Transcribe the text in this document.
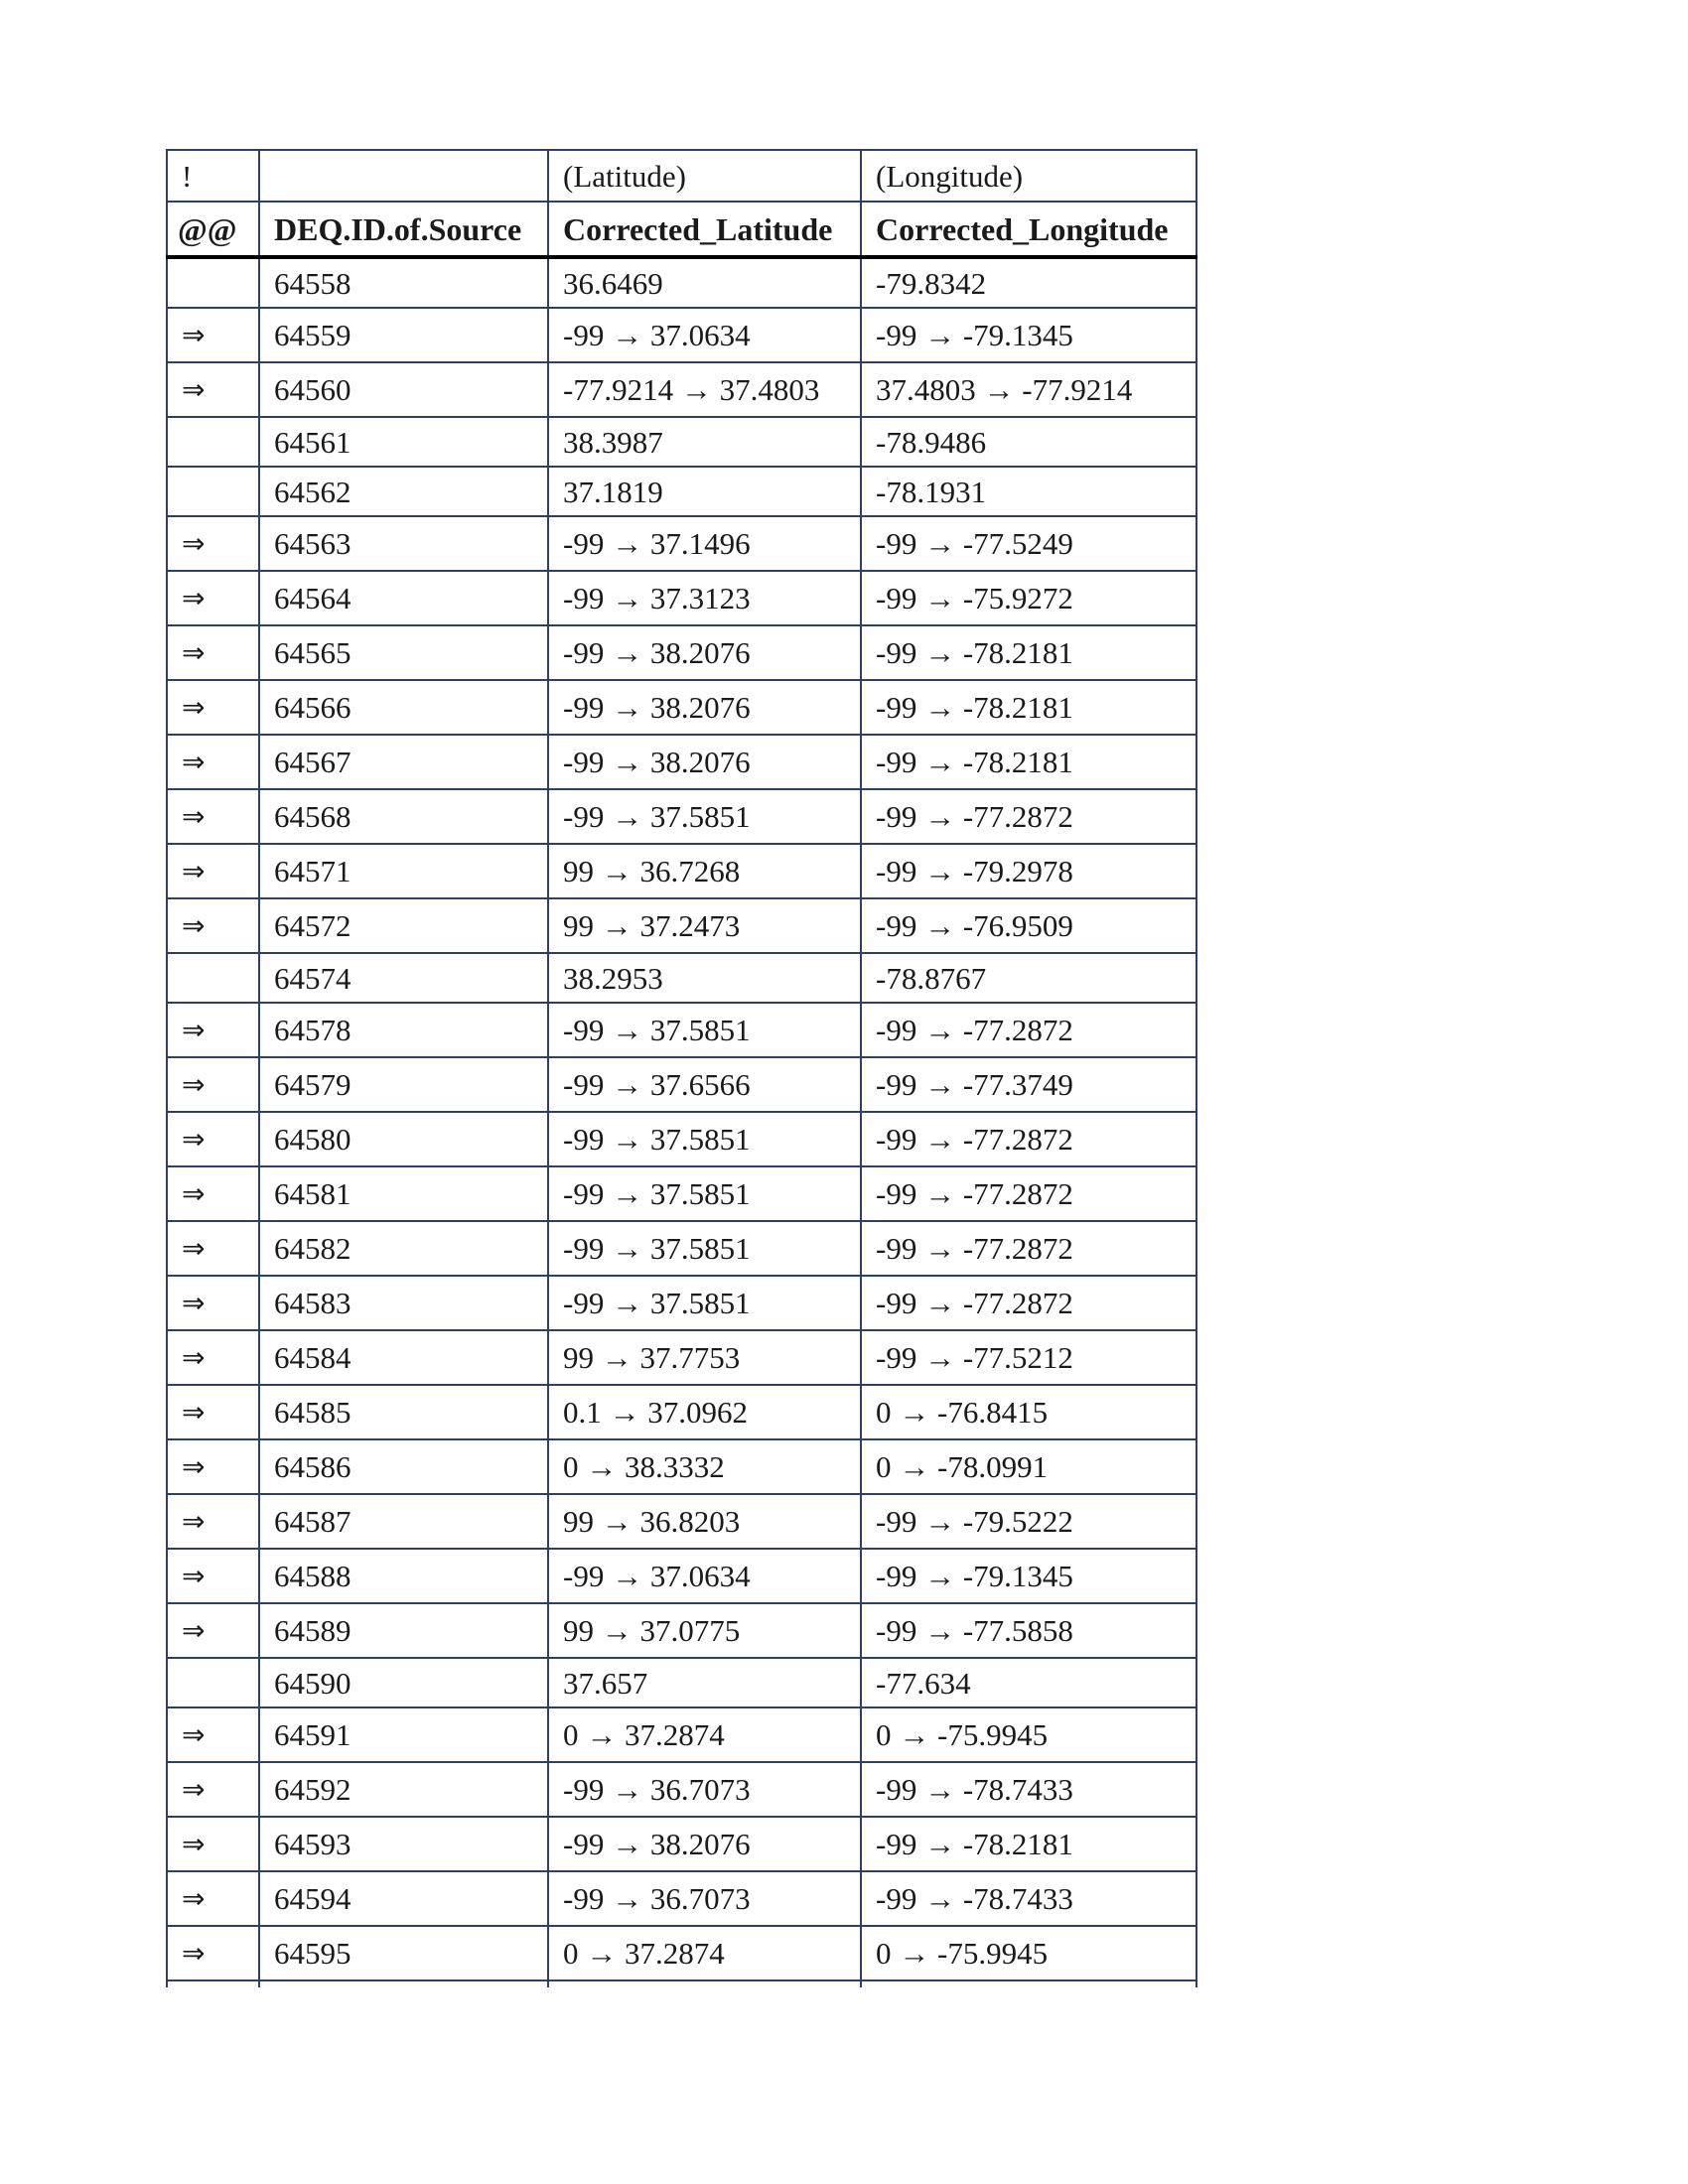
!		(Latitude)	(Longitude)
@@	DEQ.ID.of.Source	Corrected_Latitude	Corrected_Longitude
	64558	36.6469	-79.8342
⇒	64559	-99 → 37.0634	-99 → -79.1345
⇒	64560	-77.9214 → 37.4803	37.4803 → -77.9214
	64561	38.3987	-78.9486
	64562	37.1819	-78.1931
⇒	64563	-99 → 37.1496	-99 → -77.5249
⇒	64564	-99 → 37.3123	-99 → -75.9272
⇒	64565	-99 → 38.2076	-99 → -78.2181
⇒	64566	-99 → 38.2076	-99 → -78.2181
⇒	64567	-99 → 38.2076	-99 → -78.2181
⇒	64568	-99 → 37.5851	-99 → -77.2872
⇒	64571	99 → 36.7268	-99 → -79.2978
⇒	64572	99 → 37.2473	-99 → -76.9509
	64574	38.2953	-78.8767
⇒	64578	-99 → 37.5851	-99 → -77.2872
⇒	64579	-99 → 37.6566	-99 → -77.3749
⇒	64580	-99 → 37.5851	-99 → -77.2872
⇒	64581	-99 → 37.5851	-99 → -77.2872
⇒	64582	-99 → 37.5851	-99 → -77.2872
⇒	64583	-99 → 37.5851	-99 → -77.2872
⇒	64584	99 → 37.7753	-99 → -77.5212
⇒	64585	0.1 → 37.0962	0 → -76.8415
⇒	64586	0 → 38.3332	0 → -78.0991
⇒	64587	99 → 36.8203	-99 → -79.5222
⇒	64588	-99 → 37.0634	-99 → -79.1345
⇒	64589	99 → 37.0775	-99 → -77.5858
	64590	37.657	-77.634
⇒	64591	0 → 37.2874	0 → -75.9945
⇒	64592	-99 → 36.7073	-99 → -78.7433
⇒	64593	-99 → 38.2076	-99 → -78.2181
⇒	64594	-99 → 36.7073	-99 → -78.7433
⇒	64595	0 → 37.2874	0 → -75.9945
